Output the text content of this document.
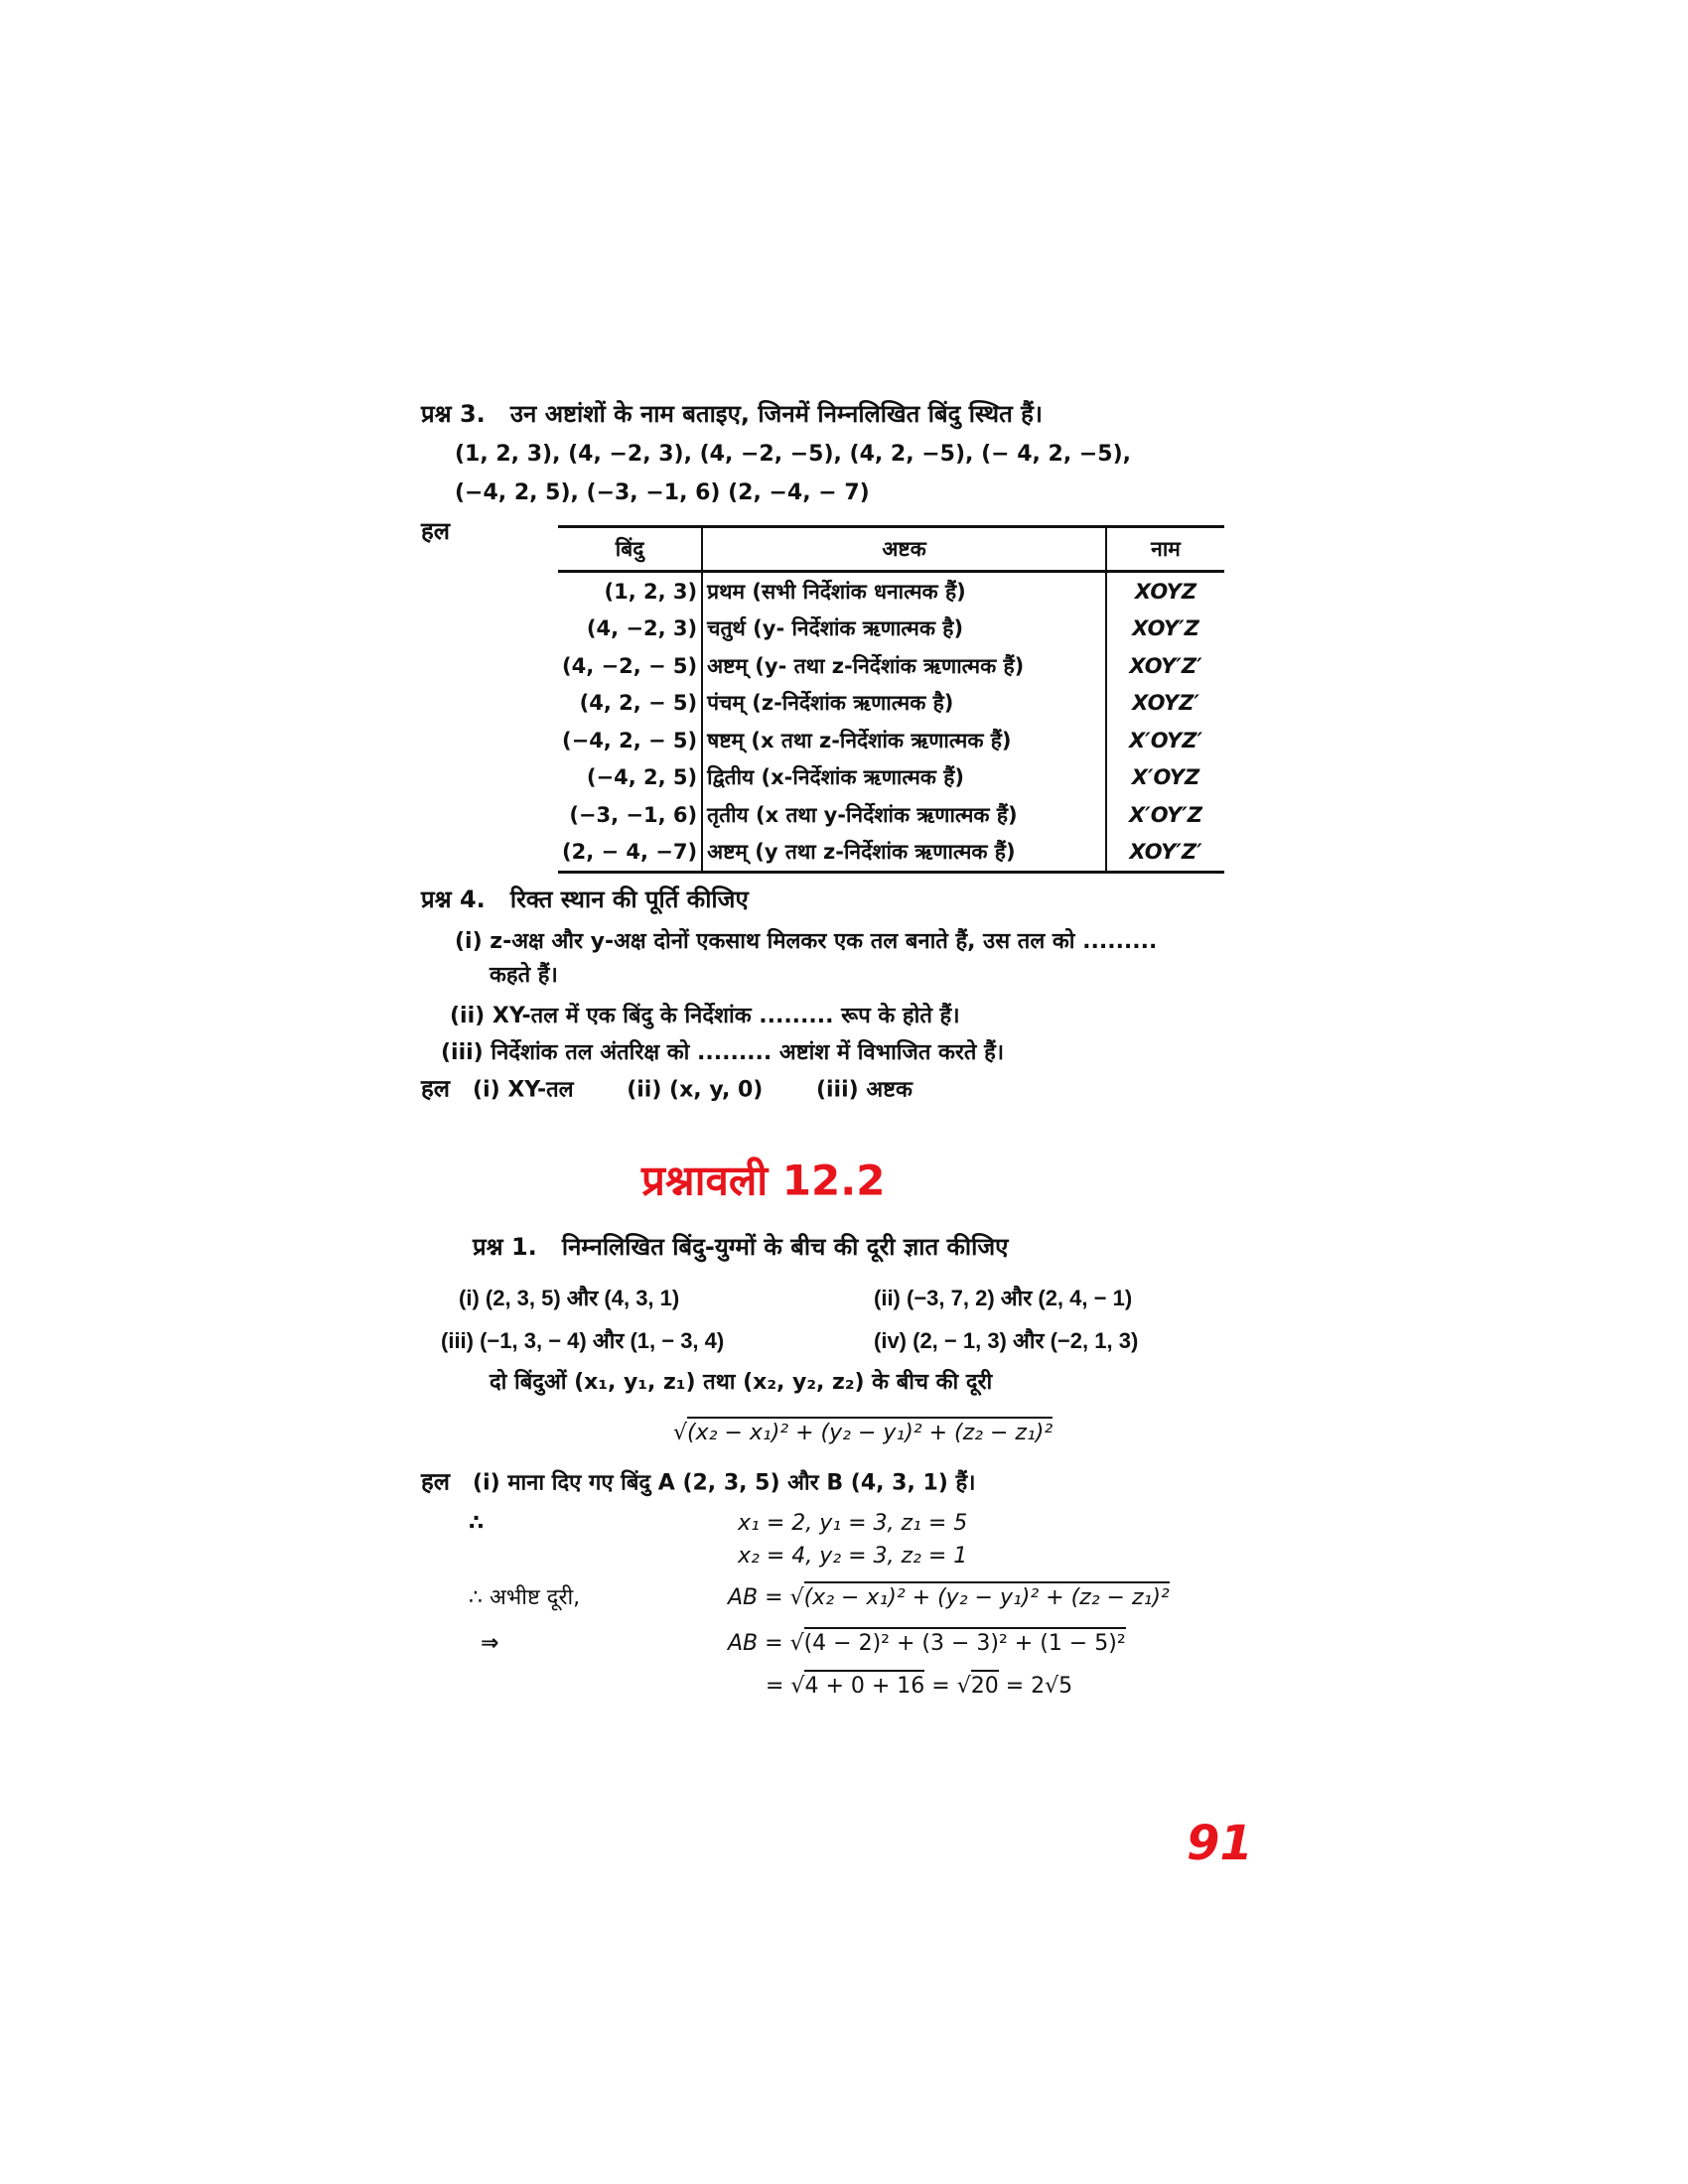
प्रश्न 3. उन अष्टांशों के नाम बताइए, जिनमें निम्नलिखित बिंदु स्थित हैं।
(1, 2, 3), (4, −2, 3), (4, −2, −5), (4, 2, −5), (− 4, 2, −5),
(−4, 2, 5), (−3, −1, 6) (2, −4, − 7)
हल
बिंदु	अष्टक	नाम
(1, 2, 3)	प्रथम (सभी निर्देशांक धनात्मक हैं)	XOYZ
(4, −2, 3)	चतुर्थ (y- निर्देशांक ऋणात्मक है)	XOY′Z
(4, −2, − 5)	अष्टम् (y- तथा z-निर्देशांक ऋणात्मक हैं)	XOY′Z′
(4, 2, − 5)	पंचम् (z-निर्देशांक ऋणात्मक है)	XOYZ′
(−4, 2, − 5)	षष्टम् (x तथा z-निर्देशांक ऋणात्मक हैं)	X′OYZ′
(−4, 2, 5)	द्वितीय (x-निर्देशांक ऋणात्मक हैं)	X′OYZ
(−3, −1, 6)	तृतीय (x तथा y-निर्देशांक ऋणात्मक हैं)	X′OY′Z
(2, − 4, −7)	अष्टम् (y तथा z-निर्देशांक ऋणात्मक हैं)	XOY′Z′
प्रश्न 4. रिक्त स्थान की पूर्ति कीजिए
(i) z-अक्ष और y-अक्ष दोनों एकसाथ मिलकर एक तल बनाते हैं, उस तल को .........
कहते हैं।
(ii) XY-तल में एक बिंदु के निर्देशांक ......... रूप के होते हैं।
(iii) निर्देशांक तल अंतरिक्ष को ......... अष्टांश में विभाजित करते हैं।
हल (i) XY-तल (ii) (x, y, 0) (iii) अष्टक
प्रश्नावली 12.2
प्रश्न 1. निम्नलिखित बिंदु-युग्मों के बीच की दूरी ज्ञात कीजिए
(i) (2, 3, 5) और (4, 3, 1)	(ii) (−3, 7, 2) और (2, 4, − 1)
(iii) (−1, 3, − 4) और (1, − 3, 4)	(iv) (2, − 1, 3) और (−2, 1, 3)
दो बिंदुओं (x₁, y₁, z₁) तथा (x₂, y₂, z₂) के बीच की दूरी
√(x₂ − x₁)² + (y₂ − y₁)² + (z₂ − z₁)²
हल (i) माना दिए गए बिंदु A (2, 3, 5) और B (4, 3, 1) हैं।
∴	x₁ = 2, y₁ = 3, z₁ = 5
x₂ = 4, y₂ = 3, z₂ = 1
∴ अभीष्ट दूरी,	AB = √(x₂ − x₁)² + (y₂ − y₁)² + (z₂ − z₁)²
⇒	AB = √(4 − 2)² + (3 − 3)² + (1 − 5)²
= √4 + 0 + 16 = √20 = 2√5
91
